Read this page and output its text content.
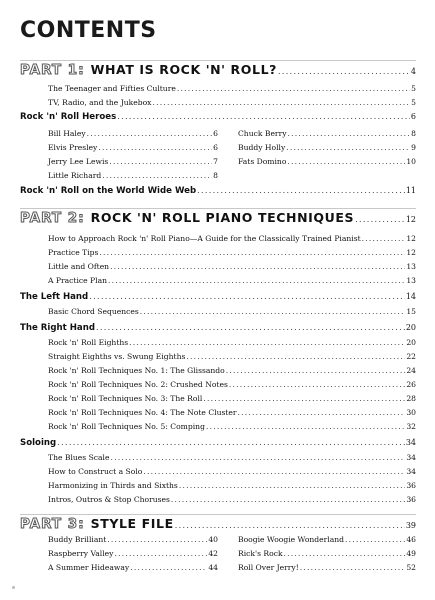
CONTENTS
PART 1: WHAT IS ROCK 'N' ROLL? . . .	4
The Teenager and Fifties Culture . . .	5
TV, Radio, and the Jukebox . . .	5
Rock 'n' Roll Heroes . . .	6
Bill Haley . . .	6
Elvis Presley . . .	6
Jerry Lee Lewis . . .	7
Little Richard . . .	8
Chuck Berry . . .	8
Buddy Holly . . .	9
Fats Domino . . .	10
Rock 'n' Roll on the World Wide Web . . .	11
PART 2: ROCK 'N' ROLL PIANO TECHNIQUES . . .	12
How to Approach Rock 'n' Roll Piano—A Guide for the Classically Trained Pianist . . .	12
Practice Tips . . .	12
Little and Often . . .	13
A Practice Plan . . .	13
The Left Hand . . .	14
Basic Chord Sequences . . .	15
The Right Hand . . .	20
Rock 'n' Roll Eighths . . .	20
Straight Eighths vs. Swung Eighths . . .	22
Rock 'n' Roll Techniques No. 1: The Glissando . . .	24
Rock 'n' Roll Techniques No. 2: Crushed Notes . . .	26
Rock 'n' Roll Techniques No. 3: The Roll . . .	28
Rock 'n' Roll Techniques No. 4: The Note Cluster . . .	30
Rock 'n' Roll Techniques No. 5: Comping . . .	32
Soloing . . .	34
The Blues Scale . . .	34
How to Construct a Solo . . .	34
Harmonizing in Thirds and Sixths . . .	36
Intros, Outros & Stop Choruses . . .	36
PART 3: STYLE FILE . . .	39
Buddy Brilliant . . .	40
Raspberry Valley . . .	42
A Summer Hideaway . . .	44
Boogie Woogie Wonderland . . .	46
Rick's Rock . . .	49
Roll Over Jerry! . . .	52
